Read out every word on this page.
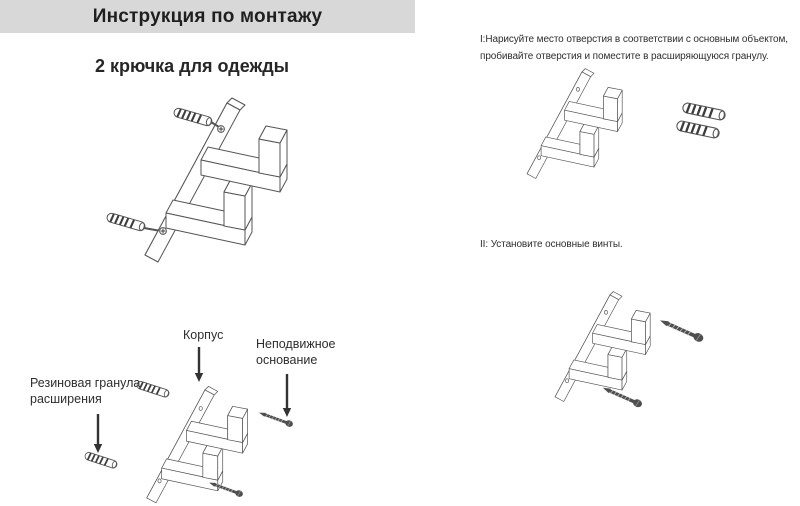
Инструкция по монтажу
2 крючка для одежды
Корпус
Неподвижное основание
Резиновая гранула расширения
I:Нарисуйте место отверстия в соответствии с основным объектом,
пробивайте отверстия и поместите в расширяющуюся гранулу.
II: Установите основные винты.
